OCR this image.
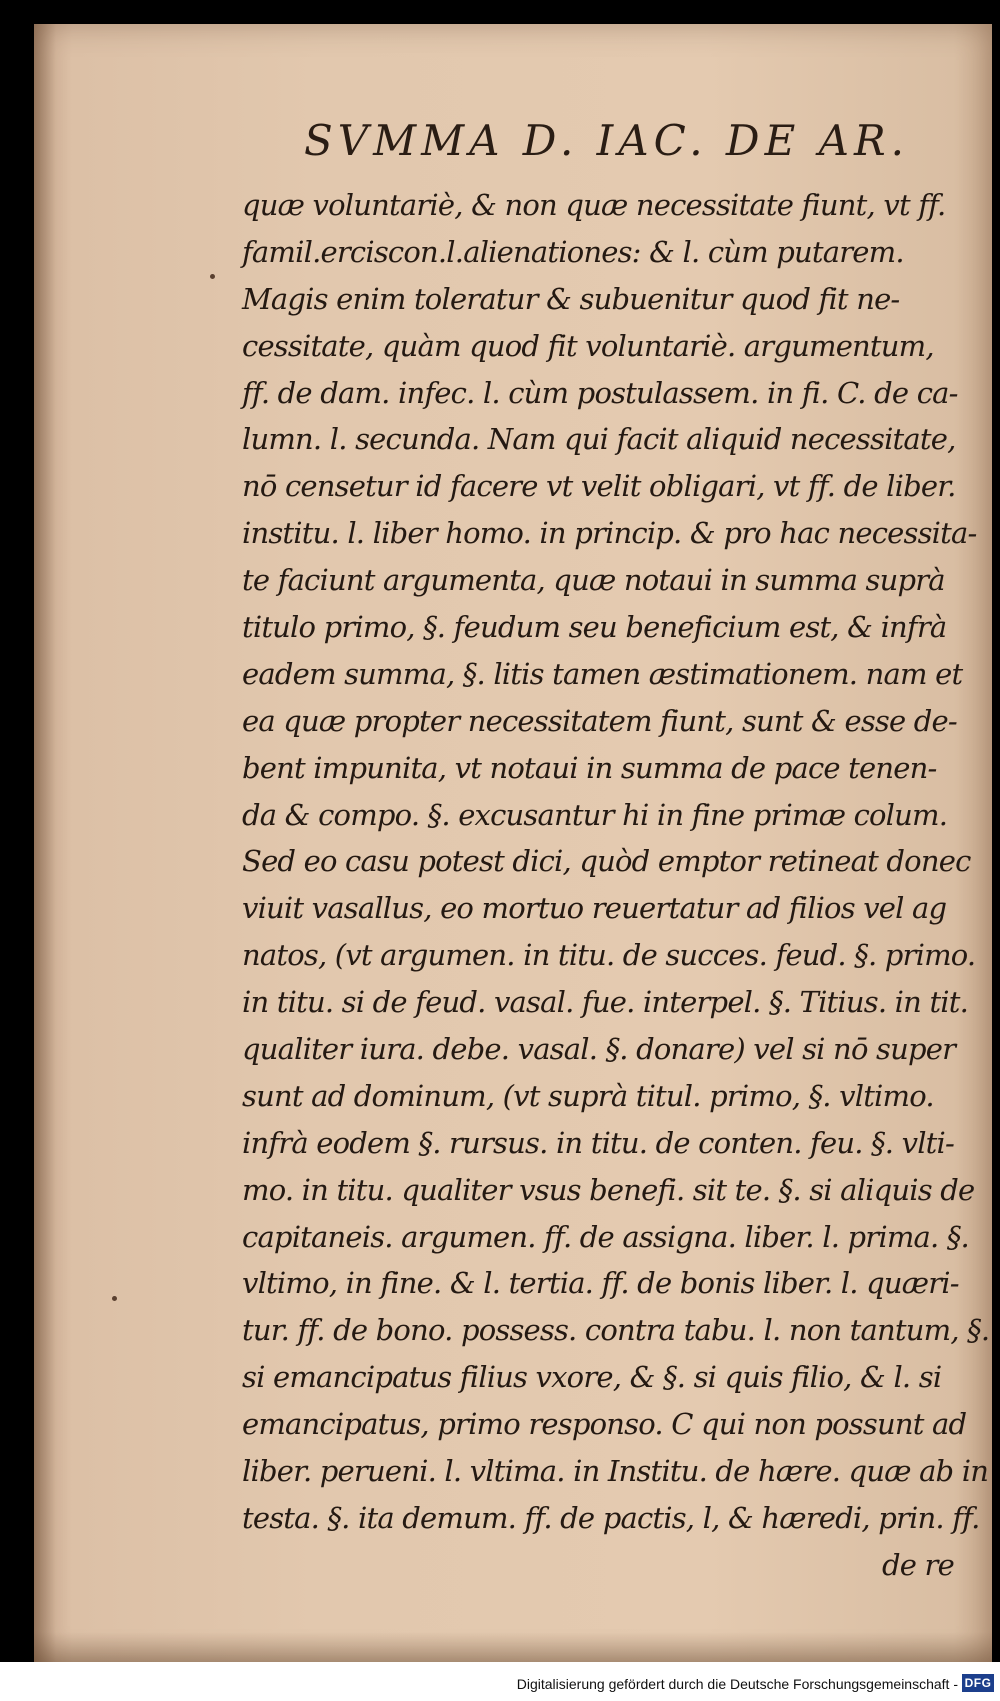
SVMMA D. IAC. DE AR.
quæ voluntariè, & non quæ necessitate fiunt, vt ff.
famil.erciscon.l.alienationes: & l. cùm putarem.
Magis enim toleratur & subuenitur quod fit ne-
cessitate, quàm quod fit voluntariè. argumentum,
ff. de dam. infec. l. cùm postulassem. in fi. C. de ca-
lumn. l. secunda. Nam qui facit aliquid necessitate,
nō censetur id facere vt velit obligari, vt ff. de liber.
institu. l. liber homo. in princip. & pro hac necessita-
te faciunt argumenta, quæ notaui in summa suprà
titulo primo, §. feudum seu beneficium est, & infrà
eadem summa, §. litis tamen æstimationem. nam et
ea quæ propter necessitatem fiunt, sunt & esse de-
bent impunita, vt notaui in summa de pace tenen-
da & compo. §. excusantur hi in fine primæ colum.
Sed eo casu potest dici, quòd emptor retineat donec
viuit vasallus, eo mortuo reuertatur ad filios vel ag
natos, (vt argumen. in titu. de succes. feud. §. primo.
in titu. si de feud. vasal. fue. interpel. §. Titius. in tit.
qualiter iura. debe. vasal. §. donare) vel si nō super
sunt ad dominum, (vt suprà titul. primo, §. vltimo.
infrà eodem §. rursus. in titu. de conten. feu. §. vlti-
mo. in titu. qualiter vsus benefi. sit te. §. si aliquis de
capitaneis. argumen. ff. de assigna. liber. l. prima. §.
vltimo, in fine. & l. tertia. ff. de bonis liber. l. quæri-
tur. ff. de bono. possess. contra tabu. l. non tantum, §.
si emancipatus filius vxore, & §. si quis filio, & l. si
emancipatus, primo responso. C qui non possunt ad
liber. perueni. l. vltima. in Institu. de hære. quæ ab in
testa. §. ita demum. ff. de pactis, l, & hæredi, prin. ff.
de re
Digitalisierung gefördert durch die Deutsche Forschungsgemeinschaft - DFG
